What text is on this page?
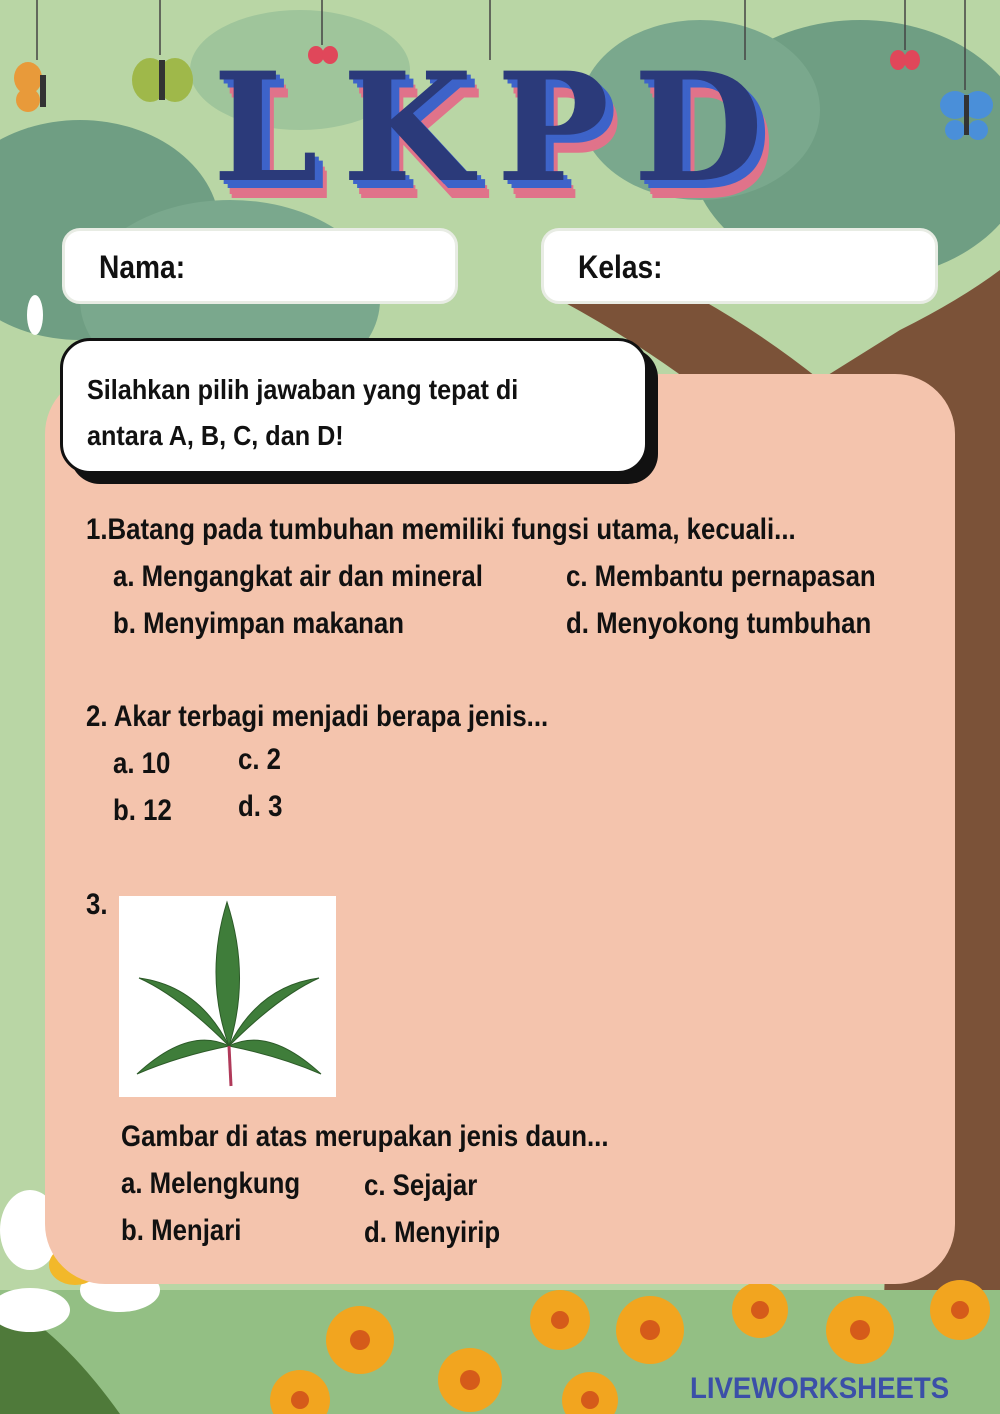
LKPD
Nama:	Kelas:

Silahkan pilih jawaban yang tepat di antara A, B, C, dan D!

1.Batang pada tumbuhan memiliki fungsi utama, kecuali...
a. Mengangkat air dan mineral
b. Menyimpan makanan
c. Membantu pernapasan
d. Menyokong tumbuhan
2. Akar terbagi menjadi berapa jenis...
a. 10
b. 12
c. 2
d. 3
3.
Gambar di atas merupakan jenis daun...
a. Melengkung
b. Menjari
c. Sejajar
d. Menyirip
LIVEWORKSHEETS
